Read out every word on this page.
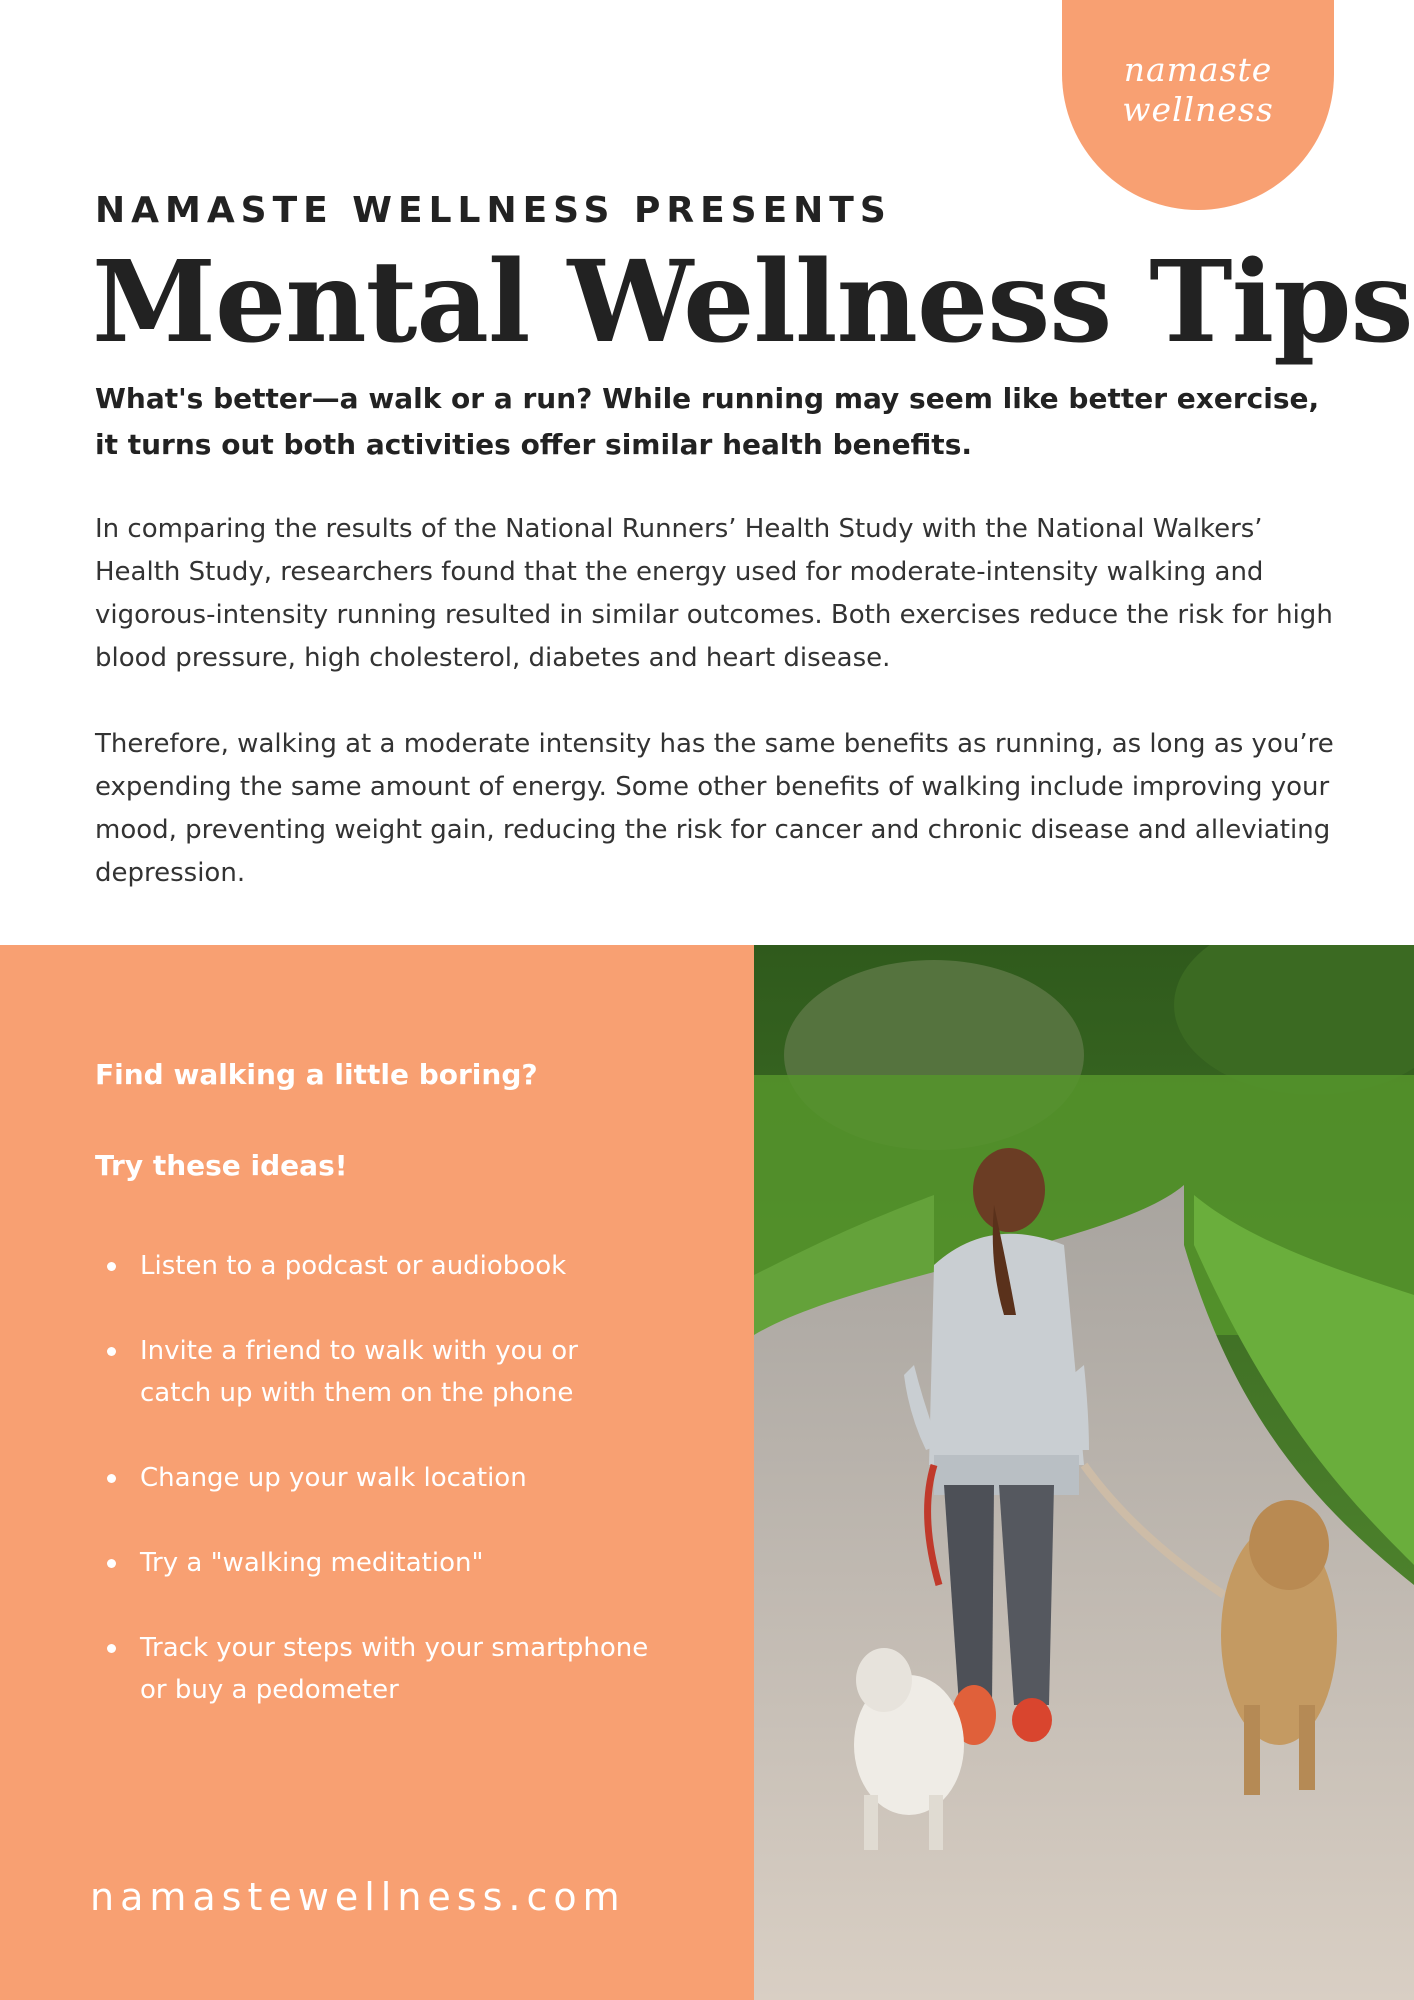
namaste
wellness
NAMASTE WELLNESS PRESENTS
Mental Wellness Tips

What's better—a walk or a run? While running may seem like better exercise, it turns out both activities offer similar health benefits.

In comparing the results of the National Runners’ Health Study with the National Walkers’ Health Study, researchers found that the energy used for moderate-intensity walking and vigorous-intensity running resulted in similar outcomes. Both exercises reduce the risk for high blood pressure, high cholesterol, diabetes and heart disease.

Therefore, walking at a moderate intensity has the same benefits as running, as long as you’re expending the same amount of energy. Some other benefits of walking include improving your mood, preventing weight gain, reducing the risk for cancer and chronic disease and alleviating depression.

Find walking a little boring?
Try these ideas!
Listen to a podcast or audiobook
Invite a friend to walk with you or catch up with them on the phone
Change up your walk location
Try a "walking meditation"
Track your steps with your smartphone or buy a pedometer

namastewellness.com
